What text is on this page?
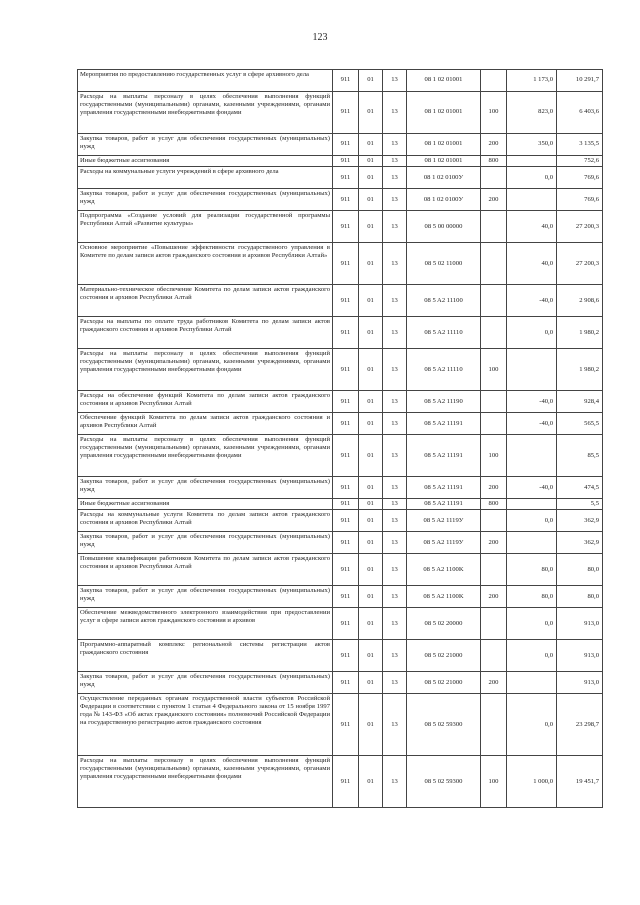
123
Мероприятия по предоставлению государственных услуг в сфере архивного дела	911	01	13	08 1 02 01001		1 173,0	10 291,7
Расходы на выплаты персоналу в целях обеспечения выполнения функций государственными (муниципальными) органами, казенными учреждениями, органами управления государственными внебюджетными фондами	911	01	13	08 1 02 01001	100	823,0	6 403,6
Закупка товаров, работ и услуг для обеспечения государственных (муниципальных) нужд	911	01	13	08 1 02 01001	200	350,0	3 135,5
Иные бюджетные ассигнования	911	01	13	08 1 02 01001	800		752,6
Расходы на коммунальные услуги учреждений в сфере архивного дела	911	01	13	08 1 02 0100У		0,0	769,6
Закупка товаров, работ и услуг для обеспечения государственных (муниципальных) нужд	911	01	13	08 1 02 0100У	200		769,6
Подпрограмма «Создание условий для реализации государственной программы Республики Алтай «Развитие культуры»	911	01	13	08 5 00 00000		40,0	27 200,3
Основное мероприятие «Повышение эффективности государственного управления в Комитете по делам записи актов гражданского состояния и архивов Республики Алтай»	911	01	13	08 5 02 11000		40,0	27 200,3
Материально-техническое обеспечение Комитета по делам записи актов гражданского состояния и архивов Республики Алтай	911	01	13	08 5 A2 11100		-40,0	2 908,6
Расходы на выплаты по оплате труда работников Комитета по делам записи актов гражданского состояния и архивов Республики Алтай	911	01	13	08 5 A2 11110		0,0	1 980,2
Расходы на выплаты персоналу в целях обеспечения выполнения функций государственными (муниципальными) органами, казенными учреждениями, органами управления государственными внебюджетными фондами	911	01	13	08 5 A2 11110	100		1 980,2
Расходы на обеспечение функций Комитета по делам записи актов гражданского состояния и архивов Республики Алтай	911	01	13	08 5 A2 11190		-40,0	928,4
Обеспечение функций Комитета по делам записи актов гражданского состояния и архивов Республики Алтай	911	01	13	08 5 A2 11191		-40,0	565,5
Расходы на выплаты персоналу в целях обеспечения выполнения функций государственными (муниципальными) органами, казенными учреждениями, органами управления государственными внебюджетными фондами	911	01	13	08 5 A2 11191	100		85,5
Закупка товаров, работ и услуг для обеспечения государственных (муниципальных) нужд	911	01	13	08 5 A2 11191	200	-40,0	474,5
Иные бюджетные ассигнования	911	01	13	08 5 A2 11191	800		5,5
Расходы на коммунальные услуги Комитета по делам записи актов гражданского состояния и архивов Республики Алтай	911	01	13	08 5 A2 1119У		0,0	362,9
Закупка товаров, работ и услуг для обеспечения государственных (муниципальных) нужд	911	01	13	08 5 A2 1119У	200		362,9
Повышение квалификации работников Комитета по делам записи актов гражданского состояния и архивов Республики Алтай	911	01	13	08 5 A2 1100K		80,0	80,0
Закупка товаров, работ и услуг для обеспечения государственных (муниципальных) нужд	911	01	13	08 5 A2 1100K	200	80,0	80,0
Обеспечение межведомственного электронного взаимодействия при предоставлении услуг в сфере записи актов гражданского состояния и архивов	911	01	13	08 5 02 20000		0,0	913,0
Программно-аппаратный комплекс региональной системы регистрации актов гражданского состояния	911	01	13	08 5 02 21000		0,0	913,0
Закупка товаров, работ и услуг для обеспечения государственных (муниципальных) нужд	911	01	13	08 5 02 21000	200		913,0
Осуществление переданных органам государственной власти субъектов Российской Федерации в соответствии с пунктом 1 статьи 4 Федерального закона от 15 ноября 1997 года № 143-ФЗ «Об актах гражданского состояния» полномочий Российской Федерации на государственную регистрацию актов гражданского состояния	911	01	13	08 5 02 59300		0,0	23 298,7
Расходы на выплаты персоналу в целях обеспечения выполнения функций государственными (муниципальными) органами, казенными учреждениями, органами управления государственными внебюджетными фондами	911	01	13	08 5 02 59300	100	1 000,0	19 451,7
